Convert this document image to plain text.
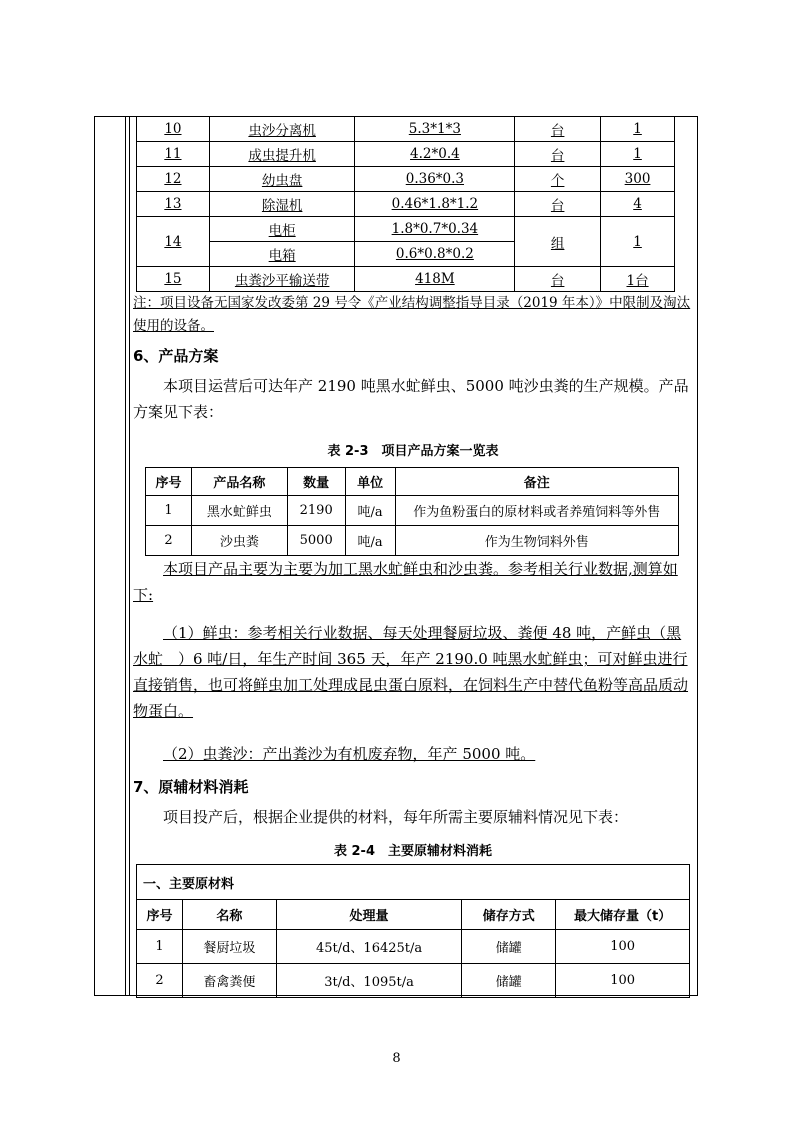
10	虫沙分离机	5.3*1*3	台	1
11	成虫提升机	4.2*0.4	台	1
12	幼虫盘	0.36*0.3	个	300
13	除湿机	0.46*1.8*1.2	台	4
14	电柜	1.8*0.7*0.34	组	1
	电箱	0.6*0.8*0.2		
15	虫粪沙平输送带	418M	台	1台
注：项目设备无国家发改委第 29 号令《产业结构调整指导目录（2019 年本）》中限制及淘汰使用的设备。
6、产品方案
本项目运营后可达年产 2190 吨黑水虻鲜虫、5000 吨沙虫粪的生产规模。产品方案见下表：
表 2-3　项目产品方案一览表
序号	产品名称	数量	单位	备注
1	黑水虻鲜虫	2190	吨/a	作为鱼粉蛋白的原材料或者养殖饲料等外售
2	沙虫粪	5000	吨/a	作为生物饲料外售
本项目产品主要为主要为加工黑水虻鲜虫和沙虫粪。参考相关行业数据,测算如下:
（1）鲜虫：参考相关行业数据、每天处理餐厨垃圾、粪便 48 吨，产鲜虫（黑水虻　）6 吨/日，年生产时间 365 天，年产 2190.0 吨黑水虻鲜虫；可对鲜虫进行直接销售，也可将鲜虫加工处理成昆虫蛋白原料，在饲料生产中替代鱼粉等高品质动物蛋白。
（2）虫粪沙：产出粪沙为有机废弃物，年产 5000 吨。
7、原辅材料消耗
项目投产后，根据企业提供的材料，每年所需主要原辅料情况见下表：
表 2-4　主要原辅材料消耗
一、主要原材料				
序号	名称	处理量	储存方式	最大储存量（t）
1	餐厨垃圾	45t/d、16425t/a	储罐	100
2	畜禽粪便	3t/d、1095t/a	储罐	100
8
